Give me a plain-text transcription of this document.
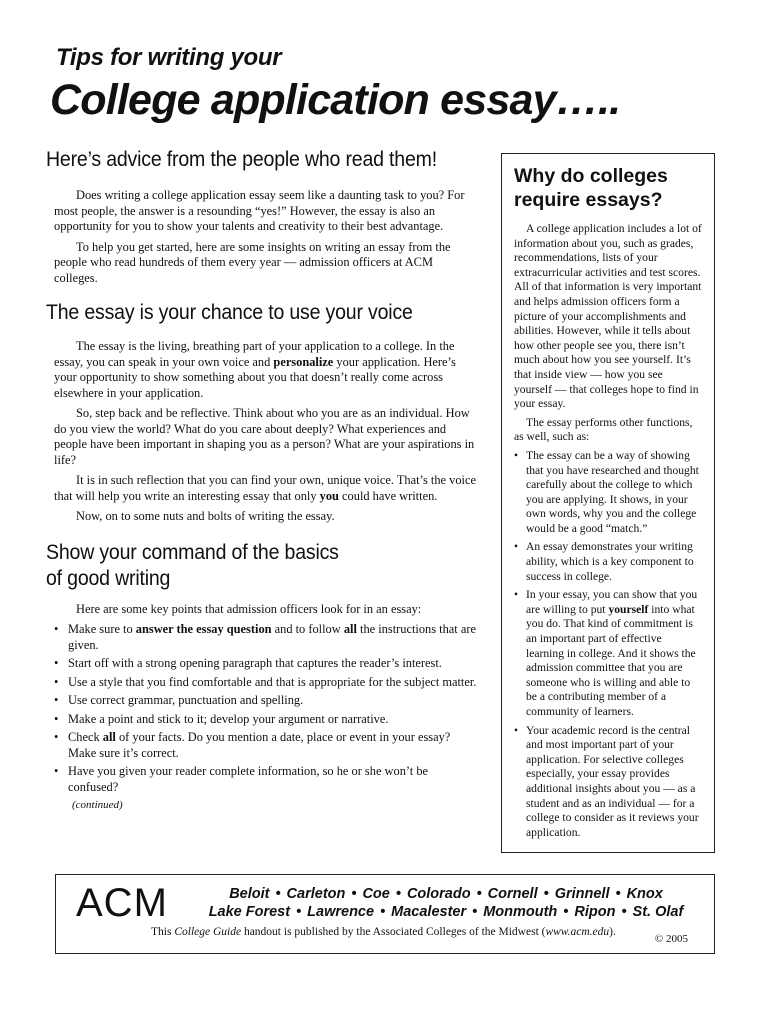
Tips for writing your
College application essay…..
Here’s advice from the people who read them!

Does writing a college application essay seem like a daunting task to you? For most people, the answer is a resounding “yes!” However, the essay is also an opportunity for you to show your talents and creativity to their best advantage.

To help you get started, here are some insights on writing an essay from the people who read hundreds of them every year — admission officers at ACM colleges.

The essay is your chance to use your voice

The essay is the living, breathing part of your application to a college. In the essay, you can speak in your own voice and personalize your application. Here’s your opportunity to show something about you that doesn’t really come across elsewhere in your application.

So, step back and be reflective. Think about who you are as an individual. How do you view the world? What do you care about deeply? What experiences and people have been important in shaping you as a person? What are your aspirations in life?

It is in such reflection that you can find your own, unique voice. That’s the voice that will help you write an interesting essay that only you could have written.

Now, on to some nuts and bolts of writing the essay.

Show your command of the basics
of good writing

Here are some key points that admission officers look for in an essay:

• Make sure to answer the essay question and to follow all the instructions that are given.
• Start off with a strong opening paragraph that captures the reader’s interest.
• Use a style that you find comfortable and that is appropriate for the subject matter.
• Use correct grammar, punctuation and spelling.
• Make a point and stick to it; develop your argument or narrative.
• Check all of your facts. Do you mention a date, place or event in your essay? Make sure it’s correct.
• Have you given your reader complete information, so he or she won’t be confused?
(continued)
Why do colleges
require essays?

A college application includes a lot of information about you, such as grades, recommendations, lists of your extracurricular activities and test scores. All of that information is very important and helps admission officers form a picture of your accomplishments and abilities. However, while it tells about how other people see you, there isn’t much about how you see yourself. It’s that inside view — how you see yourself — that colleges hope to find in your essay.

The essay performs other functions, as well, such as:

• The essay can be a way of showing that you have researched and thought carefully about the college to which you are applying. It shows, in your own words, why you and the college would be a good “match.”
• An essay demonstrates your writing ability, which is a key component to success in college.
• In your essay, you can show that you are willing to put yourself into what you do. That kind of commitment is an important part of effective learning in college. And it shows the admission committee that you are someone who is willing and able to be a contributing member of a community of learners.
• Your academic record is the central and most important part of your application. For selective colleges especially, your essay provides additional insights about you — as a student and as an individual — for a college to consider as it reviews your application.
ACM	Beloit • Carleton • Coe • Colorado • Cornell • Grinnell • Knox
Lake Forest • Lawrence • Macalester • Monmouth • Ripon • St. Olaf
This College Guide handout is published by the Associated Colleges of the Midwest (www.acm.edu).
© 2005
